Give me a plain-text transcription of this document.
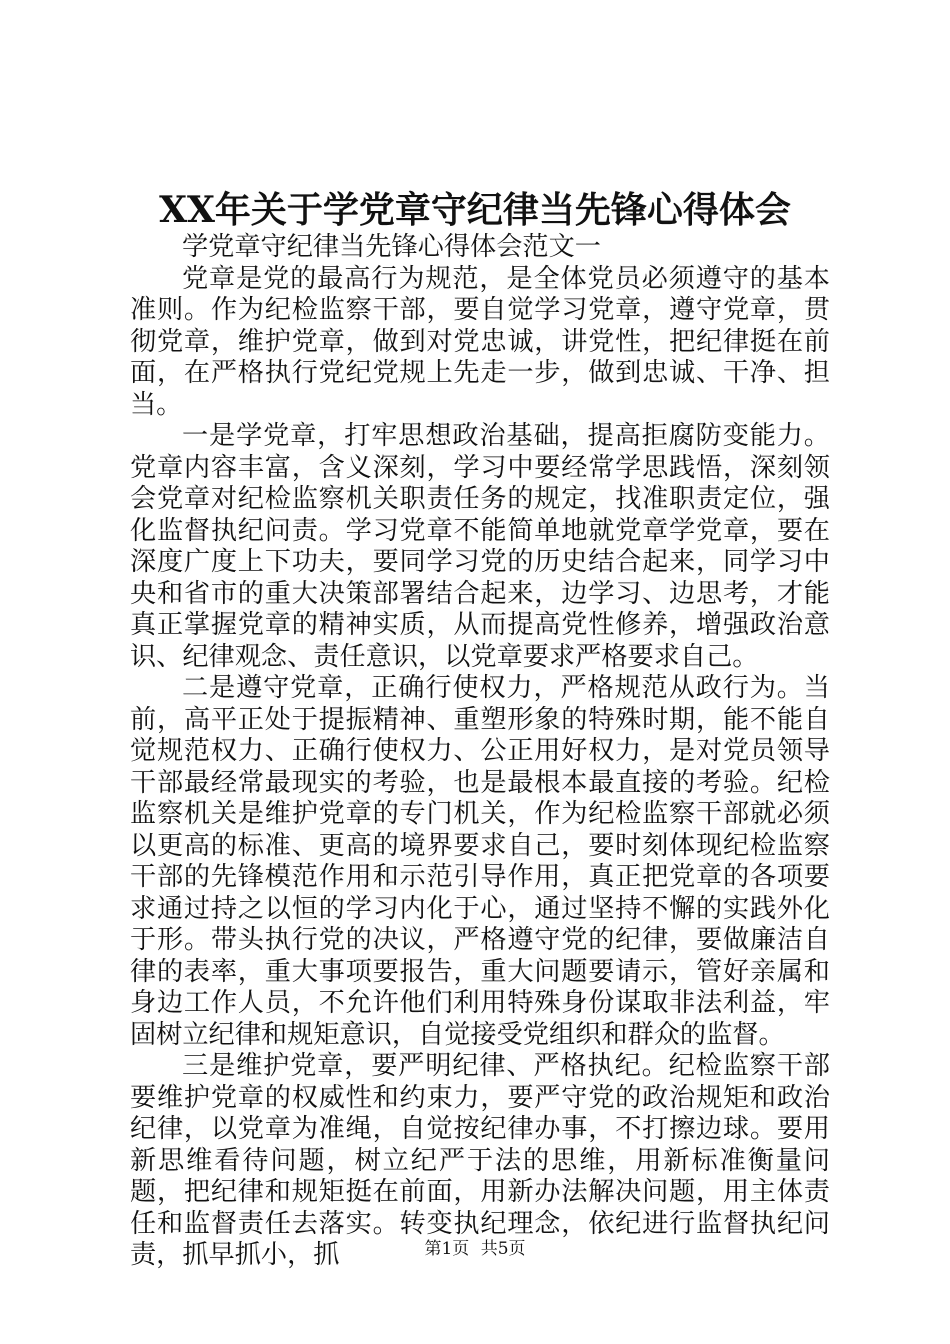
XX年关于学党章守纪律当先锋心得体会

学党章守纪律当先锋心得体会范文一

党章是党的最高行为规范，是全体党员必须遵守的基本准则。作为纪检监察干部，要自觉学习党章，遵守党章，贯彻党章，维护党章，做到对党忠诚，讲党性，把纪律挺在前面，在严格执行党纪党规上先走一步，做到忠诚、干净、担当。

一是学党章，打牢思想政治基础，提高拒腐防变能力。党章内容丰富，含义深刻，学习中要经常学思践悟，深刻领会党章对纪检监察机关职责任务的规定，找准职责定位，强化监督执纪问责。学习党章不能简单地就党章学党章，要在深度广度上下功夫，要同学习党的历史结合起来，同学习中央和省市的重大决策部署结合起来，边学习、边思考，才能真正掌握党章的精神实质，从而提高党性修养，增强政治意识、纪律观念、责任意识，以党章要求严格要求自己。

二是遵守党章，正确行使权力，严格规范从政行为。当前，高平正处于提振精神、重塑形象的特殊时期，能不能自觉规范权力、正确行使权力、公正用好权力，是对党员领导干部最经常最现实的考验，也是最根本最直接的考验。纪检监察机关是维护党章的专门机关，作为纪检监察干部就必须以更高的标准、更高的境界要求自己，要时刻体现纪检监察干部的先锋模范作用和示范引导作用，真正把党章的各项要求通过持之以恒的学习内化于心，通过坚持不懈的实践外化于形。带头执行党的决议，严格遵守党的纪律，要做廉洁自律的表率，重大事项要报告，重大问题要请示，管好亲属和身边工作人员，不允许他们利用特殊身份谋取非法利益，牢固树立纪律和规矩意识，自觉接受党组织和群众的监督。

三是维护党章，要严明纪律、严格执纪。纪检监察干部要维护党章的权威性和约束力，要严守党的政治规矩和政治纪律，以党章为准绳，自觉按纪律办事，不打擦边球。要用新思维看待问题，树立纪严于法的思维，用新标准衡量问题，把纪律和规矩挺在前面，用新办法解决问题，用主体责任和监督责任去落实。转变执纪理念，依纪进行监督执纪问责，抓早抓小，抓	第1页 共5页
